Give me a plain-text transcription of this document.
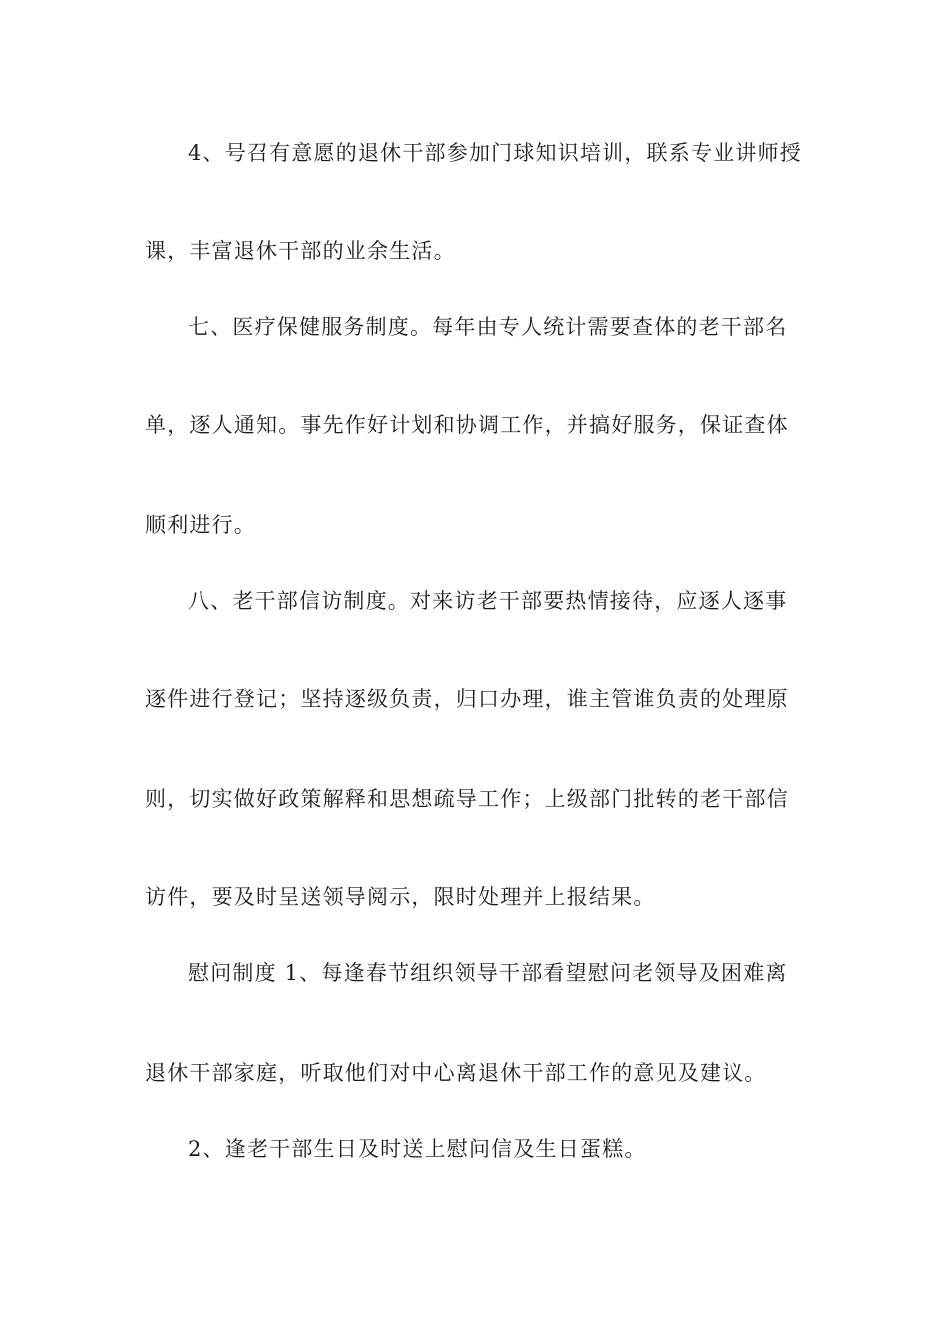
4、号召有意愿的退休干部参加门球知识培训，联系专业讲师授
课，丰富退休干部的业余生活。
七、医疗保健服务制度。每年由专人统计需要查体的老干部名
单，逐人通知。事先作好计划和协调工作，并搞好服务，保证查体
顺利进行。
八、老干部信访制度。对来访老干部要热情接待，应逐人逐事
逐件进行登记；坚持逐级负责，归口办理，谁主管谁负责的处理原
则，切实做好政策解释和思想疏导工作；上级部门批转的老干部信
访件，要及时呈送领导阅示，限时处理并上报结果。
慰问制度 1、每逢春节组织领导干部看望慰问老领导及困难离
退休干部家庭，听取他们对中心离退休干部工作的意见及建议。
2、逢老干部生日及时送上慰问信及生日蛋糕。
